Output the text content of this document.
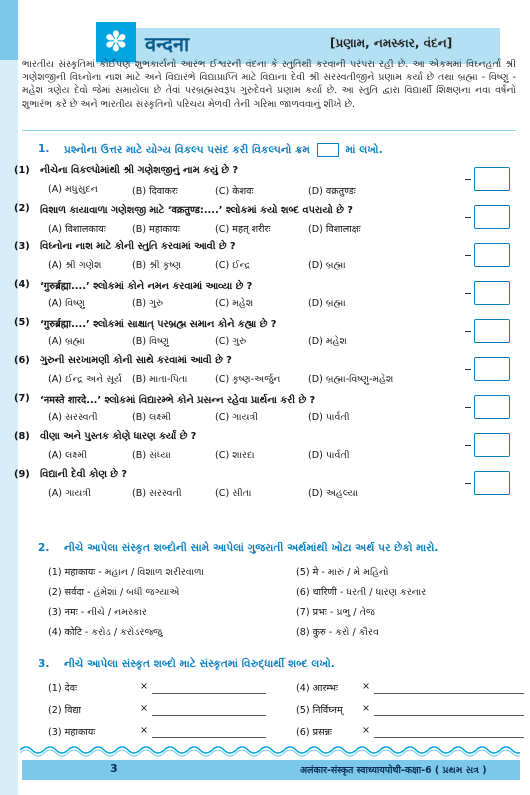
✽ वन्दना	[પ્રણામ, નમસ્કાર, વંદન]
ભારતીય સંસ્કૃતિમાં કોઈપણ શુભકાર્યનો આરંભ ઈશ્વરની વંદના કે સ્તુતિથી કરવાની પરંપરા રહી છે. આ એકમમાં વિઘ્નહર્તા શ્રી ગણેશજીની વિઘ્નોના નાશ માટે અને વિદ્યારંભે વિદ્યાપ્રાપ્તિ માટે વિદ્યાના દેવી શ્રી સરસ્વતીજીને પ્રણામ કર્યા છે તથા બ્રહ્મા - વિષ્ણુ - મહેશ ત્રણેય દેવો જેમાં સમાયેલા છે તેવાં પરબ્રહ્મસ્વરૂપ ગુરુદેવને પ્રણામ કર્યા છે. આ સ્તુતિ દ્વારા વિદ્યાર્થી શિક્ષણના નવા વર્ષનો શુભારંભ કરે છે અને ભારતીય સંસ્કૃતિનો પરિચય મેળવી તેની ગરિમા જાળવવાનું શીખે છે.
1. પ્રશ્નોના ઉત્તર માટે યોગ્ય વિકલ્પ પસંદ કરી વિકલ્પનો ક્રમ	માં લખો.
(1) નીચેના વિકલ્પોમાંથી શ્રી ગણેશજીનું નામ કયું છે ?
(A) મધુસુદન	(B) दिवाकरः	(C) केशवः	(D) वक्रतुण्डः
(2) વિશાળ કાયાવાળા ગણેશજી માટે ‘वक्रतुण्ड:....’ શ્લોકમાં કયો શબ્દ વપરાયો છે ?
(A) विशालकायः	(B) महाकायः	(C) महत् शरीरः	(D) विशालाक्षः
(3) વિઘ્નોના નાશ માટે કોની સ્તુતિ કરવામાં આવી છે ?
(A) શ્રી ગણેશ	(B) શ્રી કૃષ્ણ	(C) ઈન્દ્ર	(D) બ્રહ્મા
(4) ‘गुरुर्ब्रह्मा....’ શ્લોકમાં કોને નમન કરવામાં આવ્યા છે ?
(A) વિષ્ણુ	(B) ગુરુ	(C) મહેશ	(D) બ્રહ્મા
(5) ‘गुरुर्ब्रह्मा....’ શ્લોકમાં સાક્ષાત્ પરબ્રહ્મ સમાન કોને કહ્યા છે ?
(A) બ્રહ્મા	(B) વિષ્ણુ	(C) ગુરુ	(D) મહેશ
(6) ગુરુની સરખામણી કોની સાથે કરવામાં આવી છે ?
(A) ઈન્દ્ર અને સૂર્ય (B) માતા-પિતા	(C) કૃષ્ણ-અર્જુન	(D) બ્રહ્મા-વિષ્ણુ-મહેશ
(7) ‘नमस्ते शारदे...’ શ્લોકમાં વિદ્યારમ્ભે કોને પ્રસન્ન રહેવા પ્રાર્થના કરી છે ?
(A) સરસ્વતી	(B) લક્ષ્મી	(C) ગાયત્રી	(D) પાર્વતી
(8) વીણા અને પુસ્તક કોણે ધારણ કર્યાં છે ?
(A) લક્ષ્મી	(B) સંધ્યા	(C) શારદા	(D) પાર્વતી
(9) વિદ્યાની દેવી કોણ છે ?
(A) ગાયત્રી	(B) સરસ્વતી	(C) સીતા	(D) અહલ્યા
2. નીચે આપેલા સંસ્કૃત શબ્દોની સામે આપેલાં ગુજરાતી અર્થમાંથી ખોટા અર્થ પર છેકો મારો.
(1) महाकायः - મહાન / વિશાળ શરીરવાળા	(5) मे - મારું / મે મહિનો
(2) सर्वदा - હંમેશાં / બધી જગ્યાએ	(6) धारिणी - ધરતી / ધારણ કરનાર
(3) नमः - નીચે / નમસ્કાર	(7) प्रभः - પ્રભુ / તેજ
(4) कोटि - કરોડ / કરોડરજ્જુ	(8) कुरु - કરો / કૌરવ
3. નીચે આપેલા સંસ્કૃત શબ્દો માટે સંસ્કૃતમાં વિરુદ્ધાર્થી શબ્દ લખો.
(1) देवः	×	(4) आरम्भः	×
(2) विद्या	×	(5) निर्विघ्नम् ×
(3) महाकायः	×	(6) प्रसन्नः	×
3	अलंकार-संस्कृत स्वाध्यायपोथी-कक्षा-6 ( પ્રથમ સત્ર )
